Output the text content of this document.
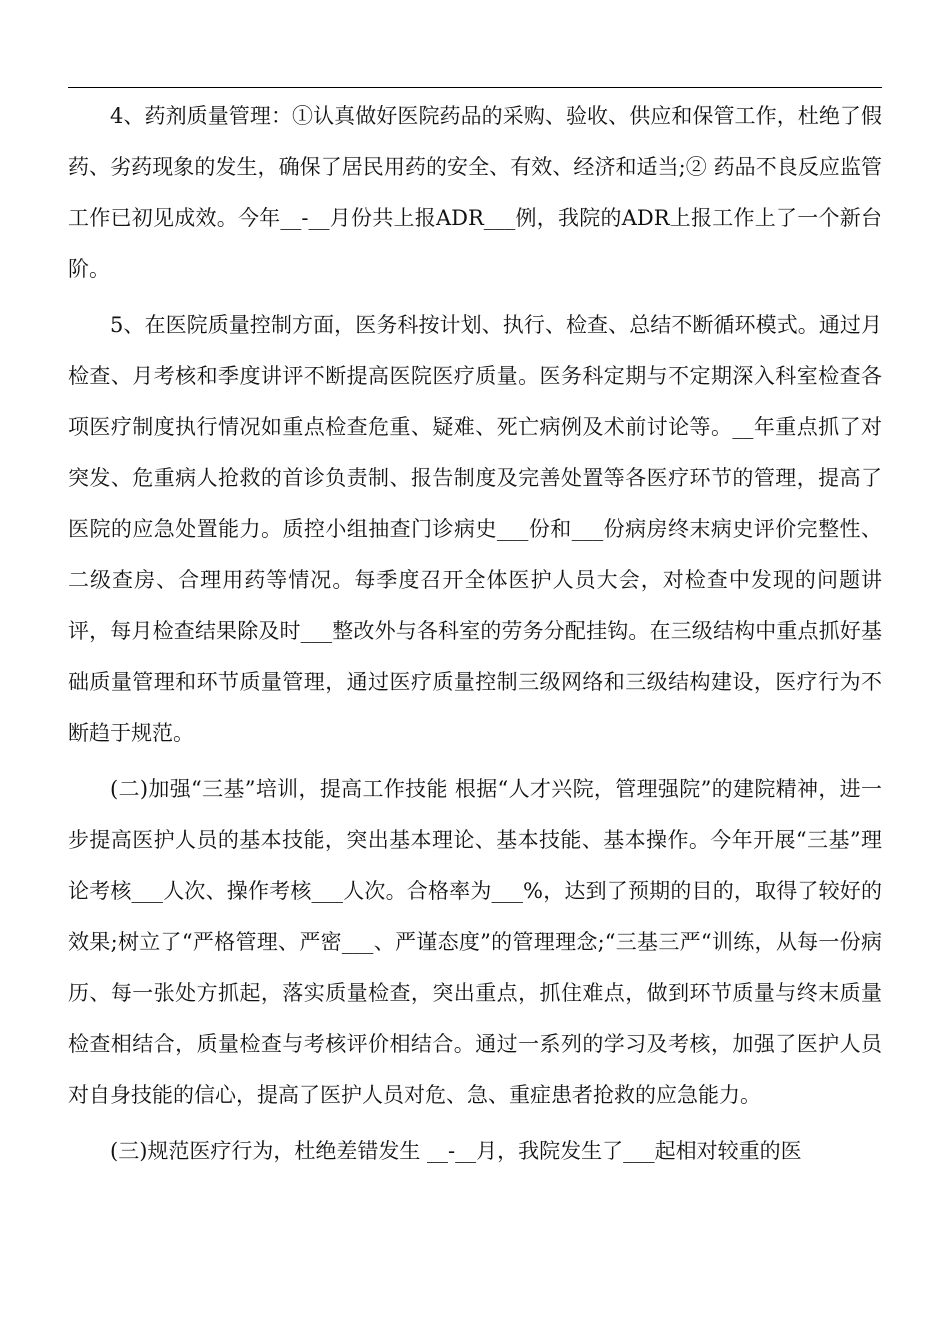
4、药剂质量管理：①认真做好医院药品的采购、验收、供应和保管工作，杜绝了假药、劣药现象的发生，确保了居民用药的安全、有效、经济和适当;② 药品不良反应监管工作已初见成效。今年__-__月份共上报ADR___例，我院的ADR上报工作上了一个新台阶。

5、在医院质量控制方面，医务科按计划、执行、检查、总结不断循环模式。通过月检查、月考核和季度讲评不断提高医院医疗质量。医务科定期与不定期深入科室检查各项医疗制度执行情况如重点检查危重、疑难、死亡病例及术前讨论等。__年重点抓了对突发、危重病人抢救的首诊负责制、报告制度及完善处置等各医疗环节的管理，提高了医院的应急处置能力。质控小组抽查门诊病史___份和___份病房终末病史评价完整性、二级查房、合理用药等情况。每季度召开全体医护人员大会，对检查中发现的问题讲评，每月检查结果除及时___整改外与各科室的劳务分配挂钩。在三级结构中重点抓好基础质量管理和环节质量管理，通过医疗质量控制三级网络和三级结构建设，医疗行为不断趋于规范。

(二)加强“三基”培训，提高工作技能 根据“人才兴院，管理强院”的建院精神，进一步提高医护人员的基本技能，突出基本理论、基本技能、基本操作。今年开展“三基”理论考核___人次、操作考核___人次。合格率为___%，达到了预期的目的，取得了较好的效果;树立了“严格管理、严密___、严谨态度”的管理理念;“三基三严“训练，从每一份病历、每一张处方抓起，落实质量检查，突出重点，抓住难点，做到环节质量与终末质量检查相结合，质量检查与考核评价相结合。通过一系列的学习及考核，加强了医护人员对自身技能的信心，提高了医护人员对危、急、重症患者抢救的应急能力。

(三)规范医疗行为，杜绝差错发生 __-__月，我院发生了___起相对较重的医
